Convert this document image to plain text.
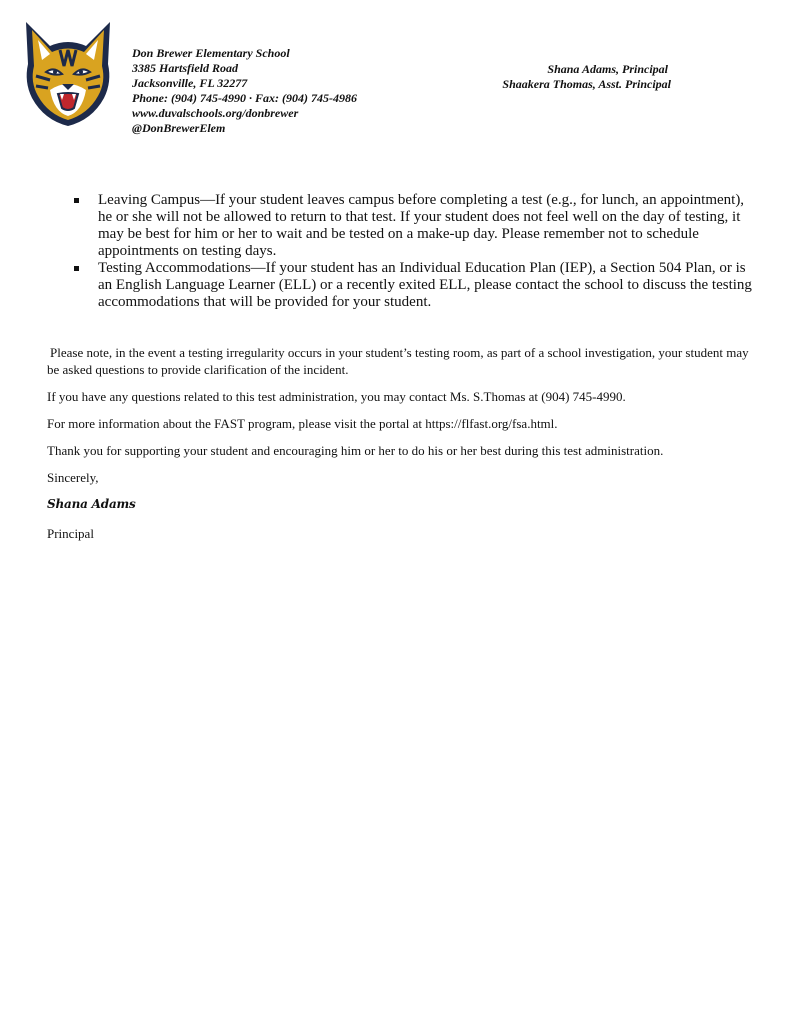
Don Brewer Elementary School
3385 Hartsfield Road
Jacksonville, FL 32277
Phone: (904) 745-4990 · Fax: (904) 745-4986
www.duvalschools.org/donbrewer
@DonBrewerElem
Shana Adams, Principal
Shaakera Thomas, Asst. Principal
Leaving Campus—If your student leaves campus before completing a test (e.g., for lunch, an appointment), he or she will not be allowed to return to that test. If your student does not feel well on the day of testing, it may be best for him or her to wait and be tested on a make-up day. Please remember not to schedule appointments on testing days.
Testing Accommodations—If your student has an Individual Education Plan (IEP), a Section 504 Plan, or is an English Language Learner (ELL) or a recently exited ELL, please contact the school to discuss the testing accommodations that will be provided for your student.

Please note, in the event a testing irregularity occurs in your student’s testing room, as part of a school investigation, your student may be asked questions to provide clarification of the incident.

If you have any questions related to this test administration, you may contact Ms. S.Thomas at (904) 745-4990.

For more information about the FAST program, please visit the portal at https://flfast.org/fsa.html.

Thank you for supporting your student and encouraging him or her to do his or her best during this test administration.

Sincerely,

Shana Adams

Principal
